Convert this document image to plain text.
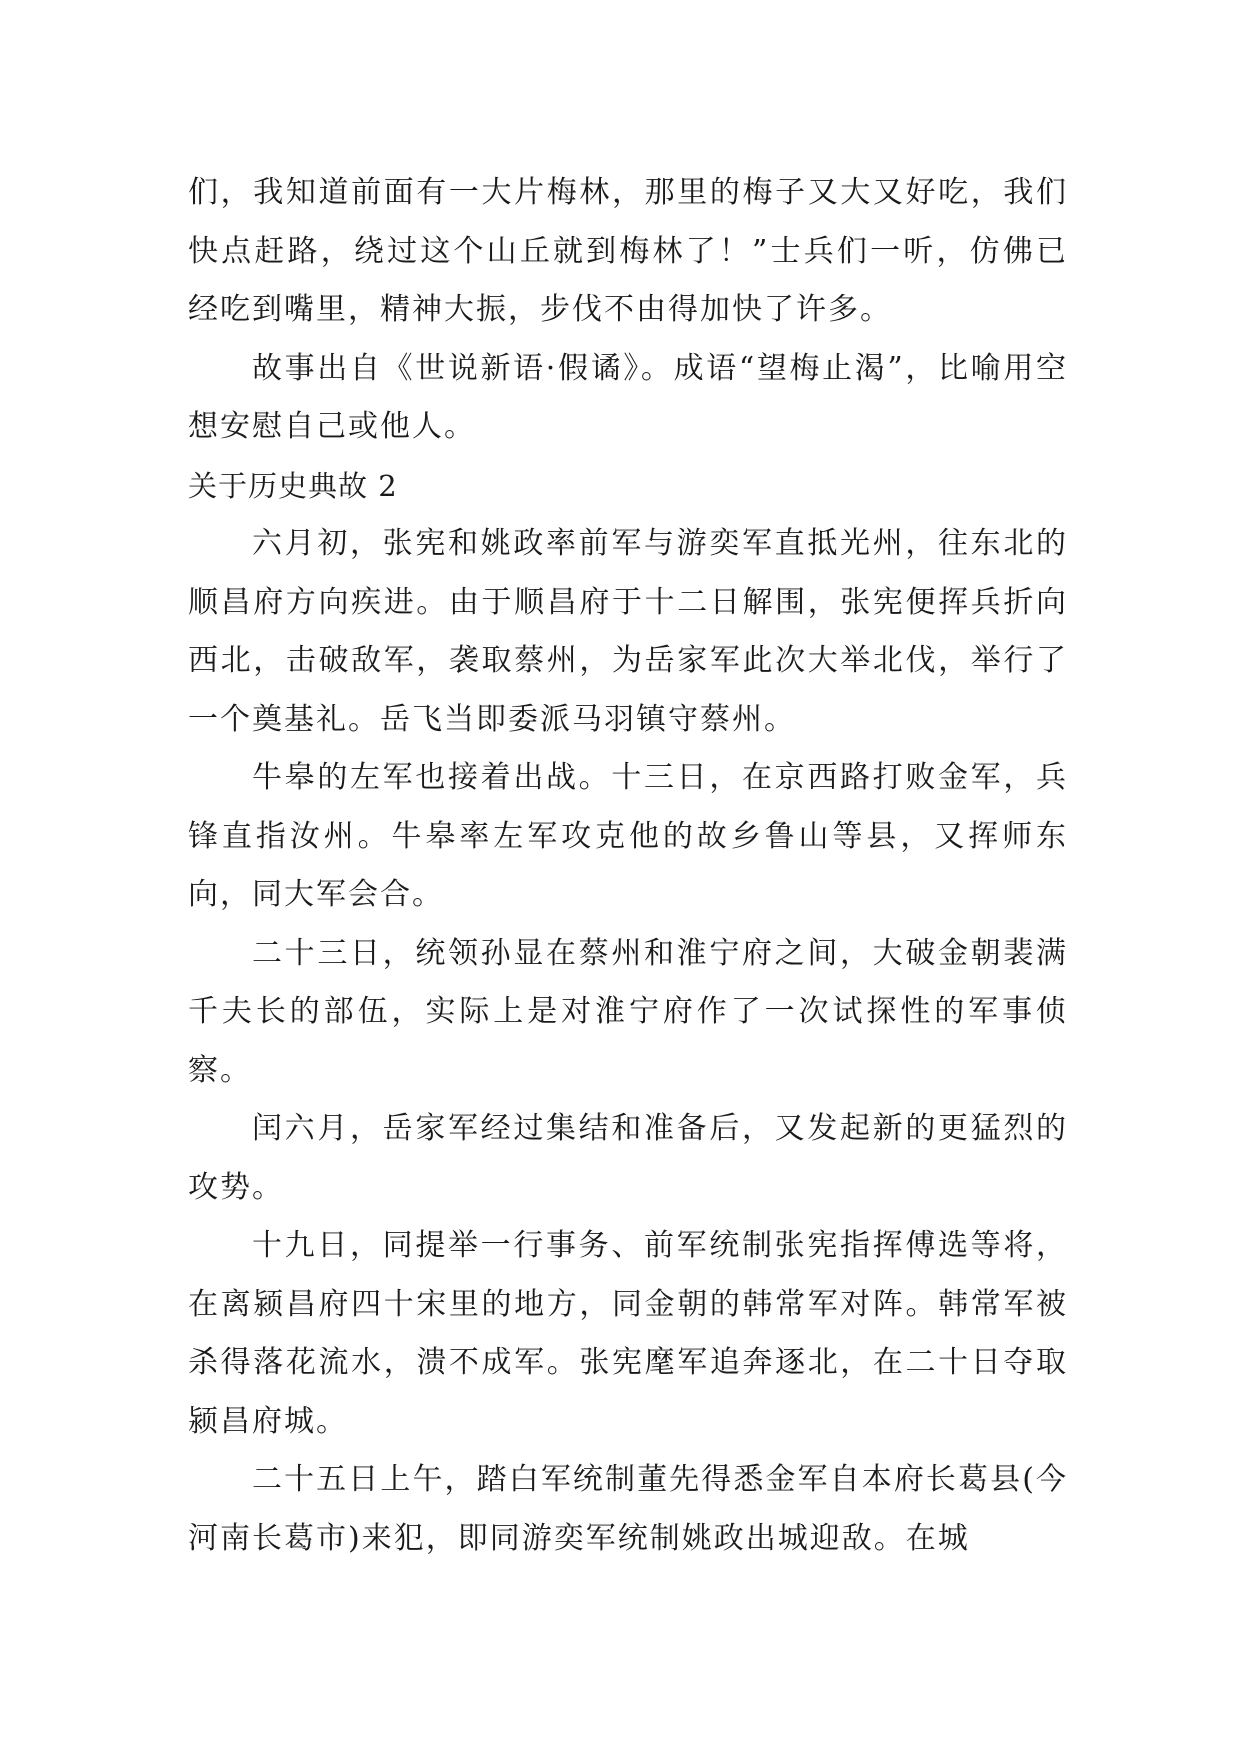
们，我知道前面有一大片梅林，那里的梅子又大又好吃，我们快点赶路，绕过这个山丘就到梅林了！”士兵们一听，仿佛已经吃到嘴里，精神大振，步伐不由得加快了许多。

故事出自《世说新语·假谲》。成语“望梅止渴”，比喻用空想安慰自己或他人。

关于历史典故 2

六月初，张宪和姚政率前军与游奕军直抵光州，往东北的顺昌府方向疾进。由于顺昌府于十二日解围，张宪便挥兵折向西北，击破敌军，袭取蔡州，为岳家军此次大举北伐，举行了一个奠基礼。岳飞当即委派马羽镇守蔡州。

牛皋的左军也接着出战。十三日，在京西路打败金军，兵锋直指汝州。牛皋率左军攻克他的故乡鲁山等县，又挥师东向，同大军会合。

二十三日，统领孙显在蔡州和淮宁府之间，大破金朝裴满千夫长的部伍，实际上是对淮宁府作了一次试探性的军事侦察。

闰六月，岳家军经过集结和准备后，又发起新的更猛烈的攻势。

十九日，同提举一行事务、前军统制张宪指挥傅选等将，在离颍昌府四十宋里的地方，同金朝的韩常军对阵。韩常军被杀得落花流水，溃不成军。张宪麾军追奔逐北，在二十日夺取颍昌府城。

二十五日上午，踏白军统制董先得悉金军自本府长葛县(今河南长葛市)来犯，即同游奕军统制姚政出城迎敌。在城
